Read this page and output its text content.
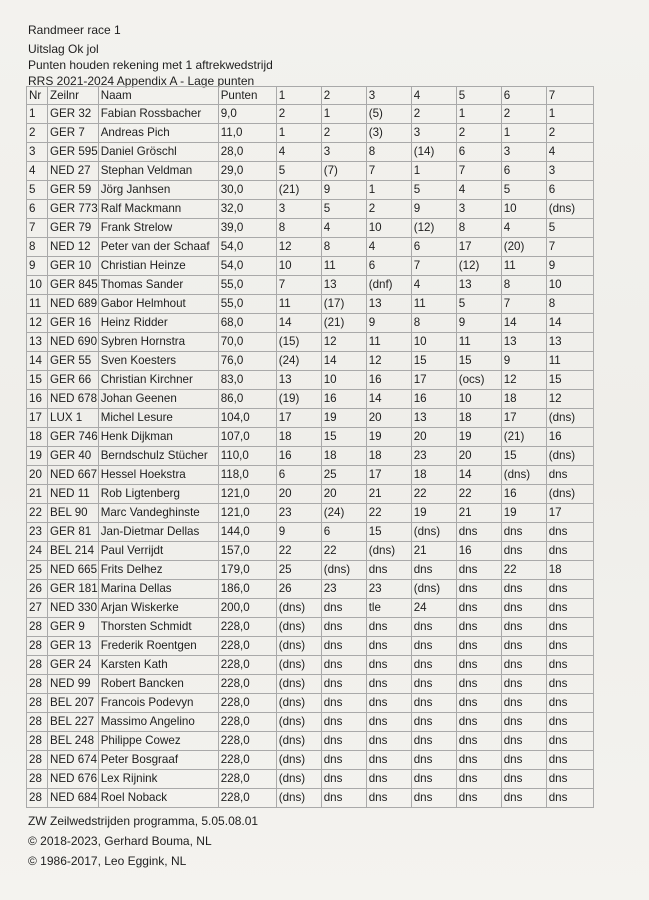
Randmeer race 1
Uitslag Ok jol
Punten houden rekening met 1 aftrekwedstrijd
RRS 2021-2024 Appendix A - Lage punten
Nr	Zeilnr	Naam	Punten	1	2	3	4	5	6	7
1	GER 32	Fabian Rossbacher	9,0	2	1	(5)	2	1	2	1
2	GER 7	Andreas Pich	11,0	1	2	(3)	3	2	1	2
3	GER 595	Daniel Gröschl	28,0	4	3	8	(14)	6	3	4
4	NED 27	Stephan Veldman	29,0	5	(7)	7	1	7	6	3
5	GER 59	Jörg Janhsen	30,0	(21)	9	1	5	4	5	6
6	GER 773	Ralf Mackmann	32,0	3	5	2	9	3	10	(dns)
7	GER 79	Frank Strelow	39,0	8	4	10	(12)	8	4	5
8	NED 12	Peter van der Schaaf	54,0	12	8	4	6	17	(20)	7
9	GER 10	Christian Heinze	54,0	10	11	6	7	(12)	11	9
10	GER 845	Thomas Sander	55,0	7	13	(dnf)	4	13	8	10
11	NED 689	Gabor Helmhout	55,0	11	(17)	13	11	5	7	8
12	GER 16	Heinz Ridder	68,0	14	(21)	9	8	9	14	14
13	NED 690	Sybren Hornstra	70,0	(15)	12	11	10	11	13	13
14	GER 55	Sven Koesters	76,0	(24)	14	12	15	15	9	11
15	GER 66	Christian Kirchner	83,0	13	10	16	17	(ocs)	12	15
16	NED 678	Johan Geenen	86,0	(19)	16	14	16	10	18	12
17	LUX 1	Michel Lesure	104,0	17	19	20	13	18	17	(dns)
18	GER 746	Henk Dijkman	107,0	18	15	19	20	19	(21)	16
19	GER 40	Berndschulz Stücher	110,0	16	18	18	23	20	15	(dns)
20	NED 667	Hessel Hoekstra	118,0	6	25	17	18	14	(dns)	dns
21	NED 11	Rob Ligtenberg	121,0	20	20	21	22	22	16	(dns)
22	BEL 90	Marc Vandeghinste	121,0	23	(24)	22	19	21	19	17
23	GER 81	Jan-Dietmar Dellas	144,0	9	6	15	(dns)	dns	dns	dns
24	BEL 214	Paul Verrijdt	157,0	22	22	(dns)	21	16	dns	dns
25	NED 665	Frits Delhez	179,0	25	(dns)	dns	dns	dns	22	18
26	GER 181	Marina Dellas	186,0	26	23	23	(dns)	dns	dns	dns
27	NED 330	Arjan Wiskerke	200,0	(dns)	dns	tle	24	dns	dns	dns
28	GER 9	Thorsten Schmidt	228,0	(dns)	dns	dns	dns	dns	dns	dns
28	GER 13	Frederik Roentgen	228,0	(dns)	dns	dns	dns	dns	dns	dns
28	GER 24	Karsten Kath	228,0	(dns)	dns	dns	dns	dns	dns	dns
28	NED 99	Robert Bancken	228,0	(dns)	dns	dns	dns	dns	dns	dns
28	BEL 207	Francois Podevyn	228,0	(dns)	dns	dns	dns	dns	dns	dns
28	BEL 227	Massimo Angelino	228,0	(dns)	dns	dns	dns	dns	dns	dns
28	BEL 248	Philippe Cowez	228,0	(dns)	dns	dns	dns	dns	dns	dns
28	NED 674	Peter Bosgraaf	228,0	(dns)	dns	dns	dns	dns	dns	dns
28	NED 676	Lex Rijnink	228,0	(dns)	dns	dns	dns	dns	dns	dns
28	NED 684	Roel Noback	228,0	(dns)	dns	dns	dns	dns	dns	dns
ZW Zeilwedstrijden programma, 5.05.08.01
© 2018-2023, Gerhard Bouma, NL
© 1986-2017, Leo Eggink, NL
